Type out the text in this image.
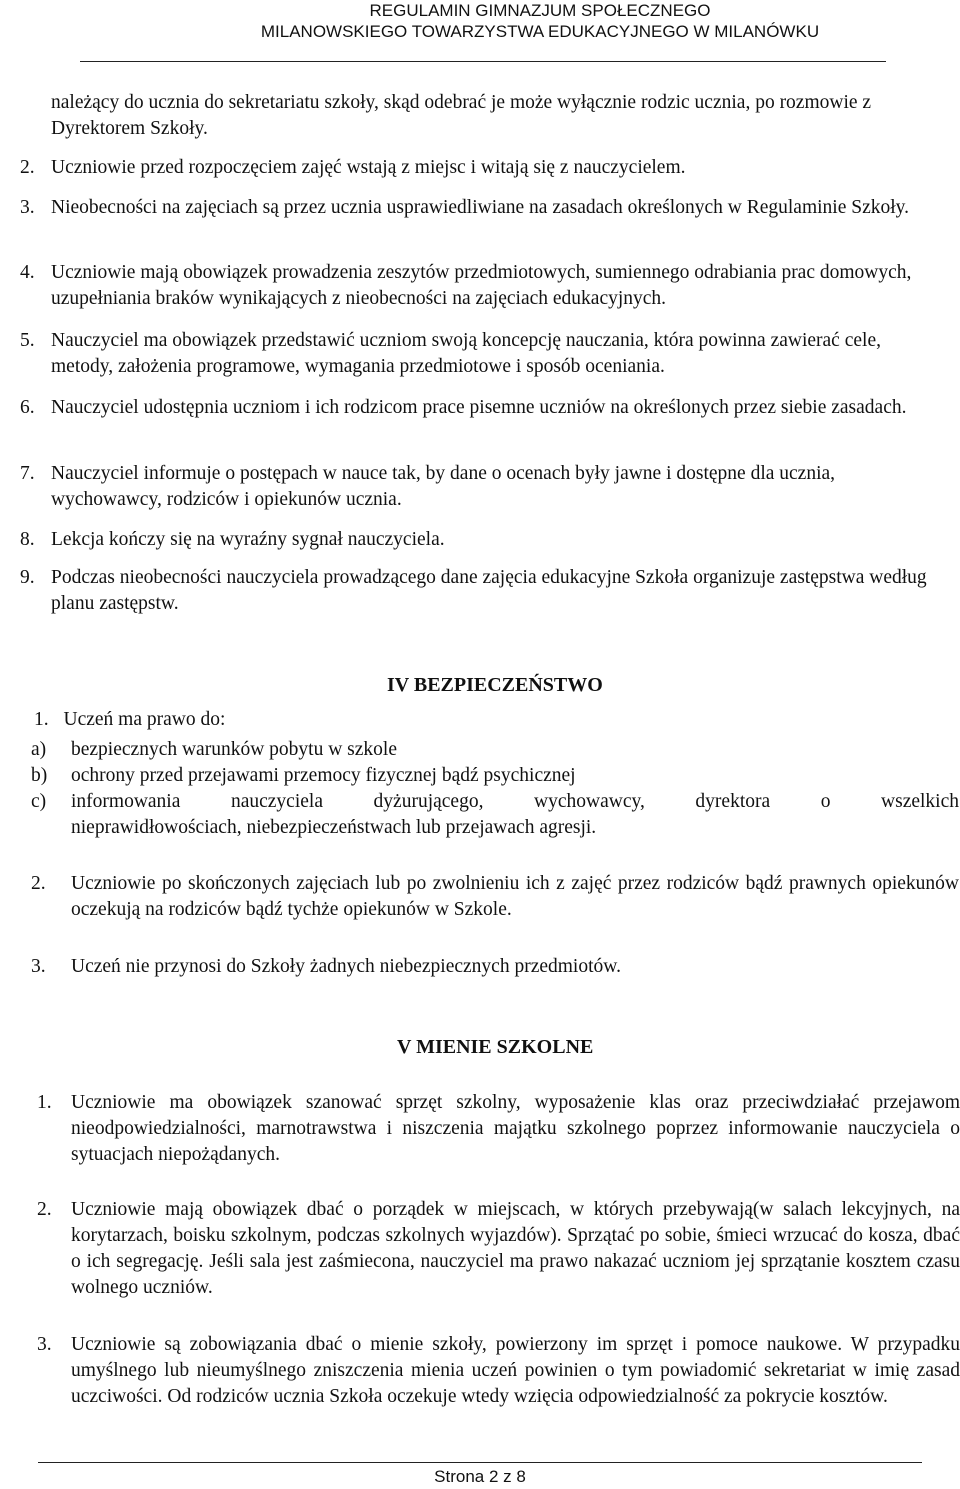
REGULAMIN GIMNAZJUM SPOŁECZNEGO
MILANOWSKIEGO TOWARZYSTWA EDUKACYJNEGO W MILANÓWKU
należący do ucznia do sekretariatu szkoły, skąd odebrać je może wyłącznie rodzic ucznia, po rozmowie z Dyrektorem Szkoły.
2. Uczniowie przed rozpoczęciem zajęć wstają z miejsc i witają się z nauczycielem.
3. Nieobecności na zajęciach są przez ucznia usprawiedliwiane na zasadach określonych w Regulaminie Szkoły.
4. Uczniowie mają obowiązek prowadzenia zeszytów przedmiotowych, sumiennego odrabiania prac domowych, uzupełniania braków wynikających z nieobecności na zajęciach edukacyjnych.
5. Nauczyciel ma obowiązek przedstawić uczniom swoją koncepcję nauczania, która powinna zawierać cele, metody, założenia programowe, wymagania przedmiotowe i sposób oceniania.
6. Nauczyciel udostępnia uczniom i ich rodzicom prace pisemne uczniów na określonych przez siebie zasadach.
7. Nauczyciel informuje o postępach w nauce tak, by dane o ocenach były jawne i dostępne dla ucznia, wychowawcy, rodziców i opiekunów ucznia.
8. Lekcja kończy się na wyraźny sygnał nauczyciela.
9. Podczas nieobecności nauczyciela prowadzącego dane zajęcia edukacyjne Szkoła organizuje zastępstwa według planu zastępstw.
IV BEZPIECZEŃSTWO
1. Uczeń ma prawo do:
a) bezpiecznych warunków pobytu w szkole
b) ochrony przed przejawami przemocy fizycznej bądź psychicznej
c) informowania nauczyciela dyżurującego, wychowawcy, dyrektora o wszelkich
nieprawidłowościach, niebezpieczeństwach lub przejawach agresji.
2. Uczniowie po skończonych zajęciach lub po zwolnieniu ich z zajęć przez rodziców bądź prawnych opiekunów oczekują na rodziców bądź tychże opiekunów w Szkole.
3. Uczeń nie przynosi do Szkoły żadnych niebezpiecznych przedmiotów.
V MIENIE SZKOLNE
1. Uczniowie ma obowiązek szanować sprzęt szkolny, wyposażenie klas oraz przeciwdziałać przejawom nieodpowiedzialności, marnotrawstwa i niszczenia majątku szkolnego poprzez informowanie nauczyciela o sytuacjach niepożądanych.
2. Uczniowie mają obowiązek dbać o porządek w miejscach, w których przebywają(w salach lekcyjnych, na korytarzach, boisku szkolnym, podczas szkolnych wyjazdów). Sprzątać po sobie, śmieci wrzucać do kosza, dbać o ich segregację. Jeśli sala jest zaśmiecona, nauczyciel ma prawo nakazać uczniom jej sprzątanie kosztem czasu wolnego uczniów.
3. Uczniowie są zobowiązania dbać o mienie szkoły, powierzony im sprzęt i pomoce naukowe. W przypadku umyślnego lub nieumyślnego zniszczenia mienia uczeń powinien o tym powiadomić sekretariat w imię zasad uczciwości. Od rodziców ucznia Szkoła oczekuje wtedy wzięcia odpowiedzialność za pokrycie kosztów.
Strona 2 z 8
